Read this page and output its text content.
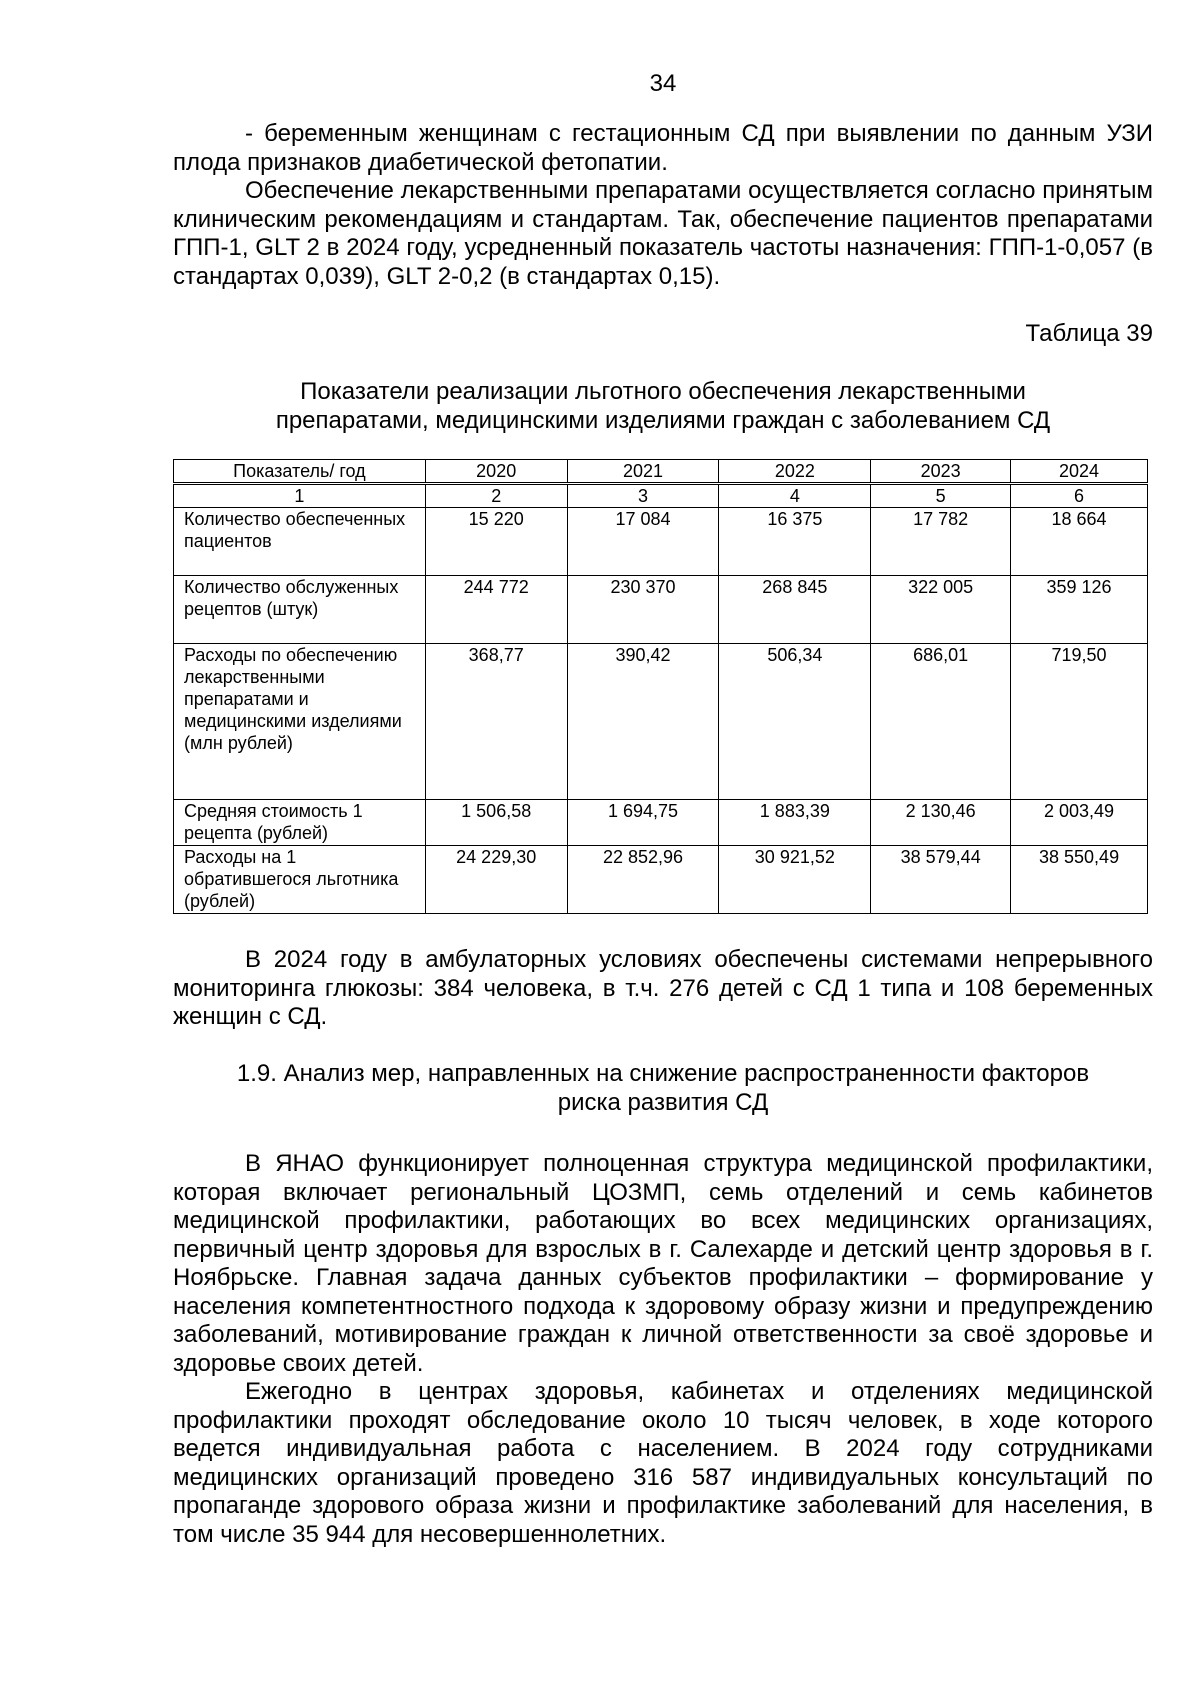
34

- беременным женщинам с гестационным СД при выявлении по данным УЗИ плода признаков диабетической фетопатии.

Обеспечение лекарственными препаратами осуществляется согласно принятым клиническим рекомендациям и стандартам. Так, обеспечение пациентов препаратами ГПП-1, GLT 2 в 2024 году, усредненный показатель частоты назначения: ГПП-1-0,057 (в стандартах 0,039), GLT 2-0,2 (в стандартах 0,15).

Таблица 39
Показатели реализации льготного обеспечения лекарственными
препаратами, медицинскими изделиями граждан с заболеванием СД
Показатель/ год	2020	2021	2022	2023	2024

1	2	3	4	5	6
Количество обеспеченных пациентов	15 220	17 084	16 375	17 782	18 664
Количество обслуженных рецептов (штук)	244 772	230 370	268 845	322 005	359 126
Расходы по обеспечению лекарственными препаратами и медицинскими изделиями (млн рублей)	368,77	390,42	506,34	686,01	719,50
Средняя стоимость 1 рецепта (рублей)	1 506,58	1 694,75	1 883,39	2 130,46	2 003,49
Расходы на 1 обратившегося льготника (рублей)	24 229,30	22 852,96	30 921,52	38 579,44	38 550,49

В 2024 году в амбулаторных условиях обеспечены системами непрерывного мониторинга глюкозы: 384 человека, в т.ч. 276 детей с СД 1 типа и 108 беременных женщин с СД.

1.9. Анализ мер, направленных на снижение распространенности факторов
риска развития СД

В ЯНАО функционирует полноценная структура медицинской профилактики, которая включает региональный ЦОЗМП, семь отделений и семь кабинетов медицинской профилактики, работающих во всех медицинских организациях, первичный центр здоровья для взрослых в г. Салехарде и детский центр здоровья в г. Ноябрьске. Главная задача данных субъектов профилактики – формирование у населения компетентностного подхода к здоровому образу жизни и предупреждению заболеваний, мотивирование граждан к личной ответственности за своё здоровье и здоровье своих детей.

Ежегодно в центрах здоровья, кабинетах и отделениях медицинской профилактики проходят обследование около 10 тысяч человек, в ходе которого ведется индивидуальная работа с населением. В 2024 году сотрудниками медицинских организаций проведено 316 587 индивидуальных консультаций по пропаганде здорового образа жизни и профилактике заболеваний для населения, в том числе 35 944 для несовершеннолетних.
